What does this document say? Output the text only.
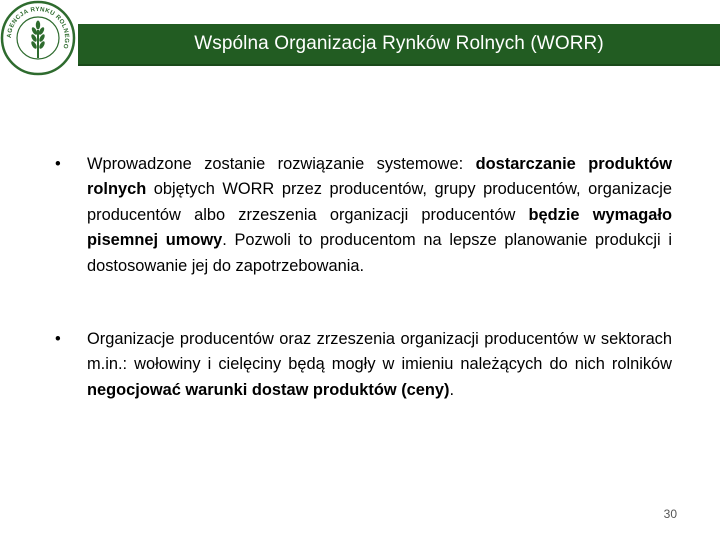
AGENCJA RYNKU ROLNEGO	Wspólna Organizacja Rynków Rolnych (WORR)
• Wprowadzone zostanie rozwiązanie systemowe: dostarczanie produktów rolnych objętych WORR przez producentów, grupy producentów, organizacje producentów albo zrzeszenia organizacji producentów będzie wymagało pisemnej umowy. Pozwoli to producentom na lepsze planowanie produkcji i dostosowanie jej do zapotrzebowania.
• Organizacje producentów oraz zrzeszenia organizacji producentów w sektorach m.in.: wołowiny i cielęciny będą mogły w imieniu należących do nich rolników negocjować warunki dostaw produktów (ceny).
30
